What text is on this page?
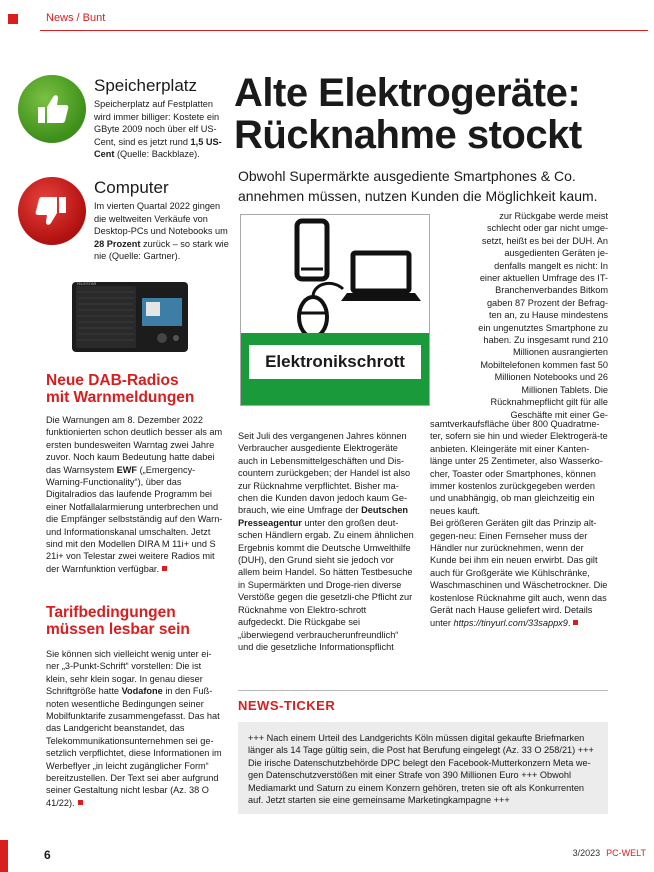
News / Bunt
Speicherplatz

Speicherplatz auf Festplatten wird immer billiger: Kostete ein GByte 2009 noch über elf US-Cent, sind es jetzt rund 1,5 US-Cent (Quelle: Backblaze).

Computer

Im vierten Quartal 2022 gingen die weltweiten Verkäufe von Desktop-PCs und Notebooks um 28 Prozent zurück – so stark wie nie (Quelle: Gartner).

TELESTAR
Neue DAB-Radios
mit Warnmeldungen
Die Warnungen am 8. Dezember 2022 funktionierten schon deutlich besser als am ersten bundesweiten Warntag zwei Jahre zuvor. Noch kaum Bedeutung hatte dabei das Warnsystem EWF („Emergency-Warning-Functionality“), über das Digitalradios das laufende Programm bei einer Notfallalarmierung unterbrechen und die Empfänger selbstständig auf den Warn- und Informationskanal umschalten. Jetzt sind mit den Modellen DIRA M 11i+ und S 21i+ von Telestar zwei weitere Radios mit der Warnfunktion verfügbar.
Tarifbedingungen
müssen lesbar sein
Sie können sich vielleicht wenig unter ei-ner „3-Punkt-Schrift“ vorstellen: Die ist klein, sehr klein sogar. In genau dieser Schriftgröße hatte Vodafone in den Fuß-noten wesentliche Bedingungen seiner Mobilfunktarife zusammengefasst. Das hat das Landgericht beanstandet, das Telekommunikationsunternehmen sei ge-setzlich verpflichtet, diese Informationen im Werbeflyer „in leicht zugänglicher Form“ bereitzustellen. Der Text sei aber aufgrund seiner Gestaltung nicht lesbar (Az. 38 O 41/22).
Alte Elektrogeräte:
Rücknahme stockt
Obwohl Supermärkte ausgediente Smartphones & Co. annehmen müssen, nutzen Kunden die Möglichkeit kaum.
Elektronikschrott
zur Rückgabe werde meist schlecht oder gar nicht umge-setzt, heißt es bei der DUH. An ausgedienten Geräten je-denfalls mangelt es nicht: In einer aktuellen Umfrage des IT-Branchenverbandes Bitkom gaben 87 Prozent der Befrag-ten an, zu Hause mindestens ein ungenutztes Smartphone zu haben. Zu insgesamt rund 210 Millionen ausrangierten Mobiltelefonen kommen fast 50 Millionen Notebooks und 26 Millionen Tablets. Die Rücknahmepflicht gilt für alle Geschäfte mit einer Ge-
Seit Juli des vergangenen Jahres können Verbraucher ausgediente Elektrogeräte auch in Lebensmittelgeschäften und Dis-countern zurückgeben; der Handel ist also zur Rücknahme verpflichtet. Bisher ma-chen die Kunden davon jedoch kaum Ge-brauch, wie eine Umfrage der Deutschen Presseagentur unter den großen deut-schen Händlern ergab. Zu einem ähnlichen Ergebnis kommt die Deutsche Umwelthilfe (DUH), den Grund sieht sie jedoch vor allem beim Handel. So hätten Testbesuche in Supermärkten und Droge-rien diverse Verstöße gegen die gesetzli-che Pflicht zur Rücknahme von Elektro-schrott aufgedeckt. Die Rückgabe sei „überwiegend verbraucherunfreundlich“ und die gesetzliche Informationspflicht

samtverkaufsfläche über 800 Quadratme-ter, sofern sie hin und wieder Elektrogerä-te anbieten. Kleingeräte mit einer Kanten-länge unter 25 Zentimeter, also Wasserko-cher, Toaster oder Smartphones, können immer kostenlos zurückgegeben werden und unabhängig, ob man gleichzeitig ein neues kauft.

Bei größeren Geräten gilt das Prinzip alt-gegen-neu: Einen Fernseher muss der Händler nur zurücknehmen, wenn der Kunde bei ihm ein neuen erwirbt. Das gilt auch für Großgeräte wie Kühlschränke, Waschmaschinen und Wäschetrockner. Die kostenlose Rücknahme gilt auch, wenn das Gerät nach Hause geliefert wird. Details unter https://tinyurl.com/33sappx9.

NEWS-TICKER
+++ Nach einem Urteil des Landgerichts Köln müssen digital gekaufte Briefmarken länger als 14 Tage gültig sein, die Post hat Berufung eingelegt (Az. 33 O 258/21) +++ Die irische Datenschutzbehörde DPC belegt den Facebook-Mutterkonzern Meta we-gen Datenschutzverstößen mit einer Strafe von 390 Millionen Euro +++ Obwohl Mediamarkt und Saturn zu einem Konzern gehören, treten sie oft als Konkurrenten auf. Jetzt starten sie eine gemeinsame Marketingkampagne +++
6	3/2023 PC-WELT
